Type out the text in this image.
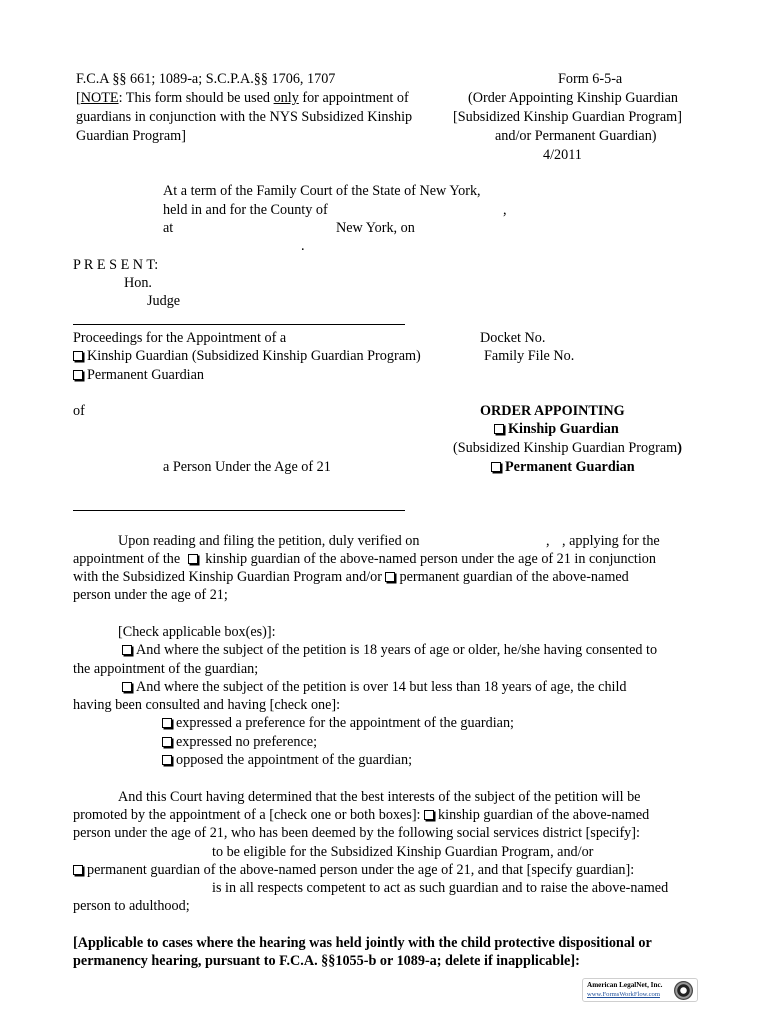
F.C.A §§ 661; 1089-a; S.C.P.A.§§ 1706, 1707
[NOTE: This form should be used only for appointment of
guardians in conjunction with the NYS Subsidized Kinship
Guardian Program]
Form 6-5-a
(Order Appointing Kinship Guardian
[Subsidized Kinship Guardian Program]
and/or Permanent Guardian)
4/2011
At a term of the Family Court of the State of New York,
held in and for the County of	,
at	New York, on
.
P R E S E N T:
Hon.
Judge
Proceedings for the Appointment of a
Kinship Guardian (Subsidized Kinship Guardian Program)
Permanent Guardian
Docket No.
Family File No.
of
a Person Under the Age of 21
ORDER APPOINTING
Kinship Guardian
(Subsidized Kinship Guardian Program)
Permanent Guardian
Upon reading and filing the petition, duly verified on	, , applying for the
appointment of the kinship guardian of the above-named person under the age of 21 in conjunction
with the Subsidized Kinship Guardian Program and/or permanent guardian of the above-named
person under the age of 21;
[Check applicable box(es)]:
And where the subject of the petition is 18 years of age or older, he/she having consented to
the appointment of the guardian;
And where the subject of the petition is over 14 but less than 18 years of age, the child
having been consulted and having [check one]:
expressed a preference for the appointment of the guardian;
expressed no preference;
opposed the appointment of the guardian;
And this Court having determined that the best interests of the subject of the petition will be
promoted by the appointment of a [check one or both boxes]: kinship guardian of the above-named
person under the age of 21, who has been deemed by the following social services district [specify]:
to be eligible for the Subsidized Kinship Guardian Program, and/or
permanent guardian of the above-named person under the age of 21, and that [specify guardian]:
is in all respects competent to act as such guardian and to raise the above-named
person to adulthood;
[Applicable to cases where the hearing was held jointly with the child protective dispositional or
permanency hearing, pursuant to F.C.A. §§1055-b or 1089-a; delete if inapplicable]:
American LegalNet, Inc.
www.FormsWorkFlow.com
